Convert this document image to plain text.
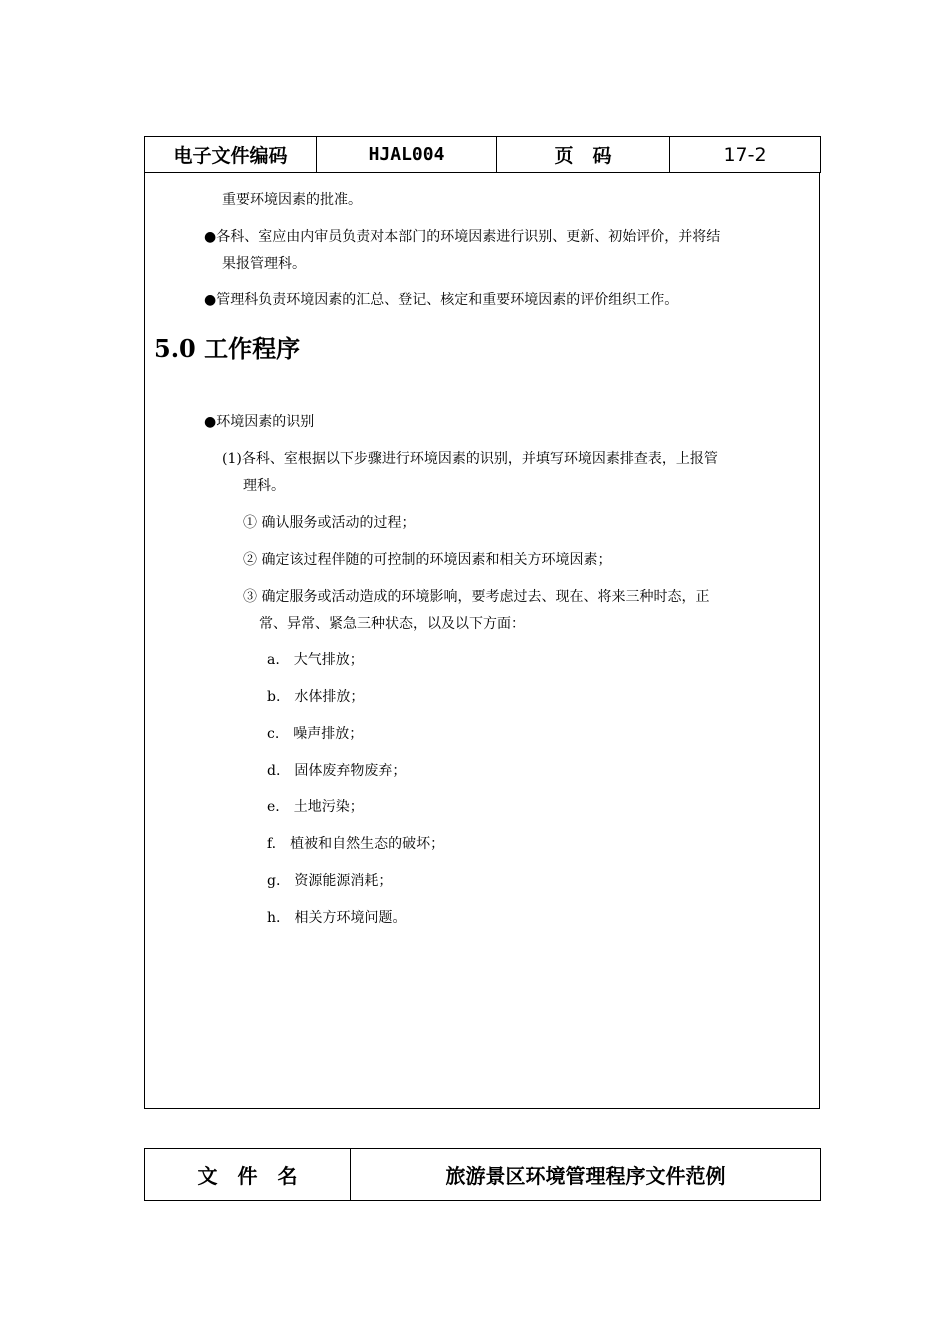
电子文件编码	HJAL004	页　码	17-2
重要环境因素的批准。
●各科、室应由内审员负责对本部门的环境因素进行识别、更新、初始评价，并将结
果报管理科。
●管理科负责环境因素的汇总、登记、核定和重要环境因素的评价组织工作。
5.0 工作程序
●环境因素的识别
(1)各科、室根据以下步骤进行环境因素的识别，并填写环境因素排查表，上报管
理科。
① 确认服务或活动的过程；
② 确定该过程伴随的可控制的环境因素和相关方环境因素；
③ 确定服务或活动造成的环境影响，要考虑过去、现在、将来三种时态，正
常、异常、紧急三种状态，以及以下方面：
a.　大气排放；
b.　水体排放；
c.　噪声排放；
d.　固体废弃物废弃；
e.　土地污染；
f.　植被和自然生态的破坏；
g.　资源能源消耗；
h.　相关方环境问题。
文　件　名	旅游景区环境管理程序文件范例
